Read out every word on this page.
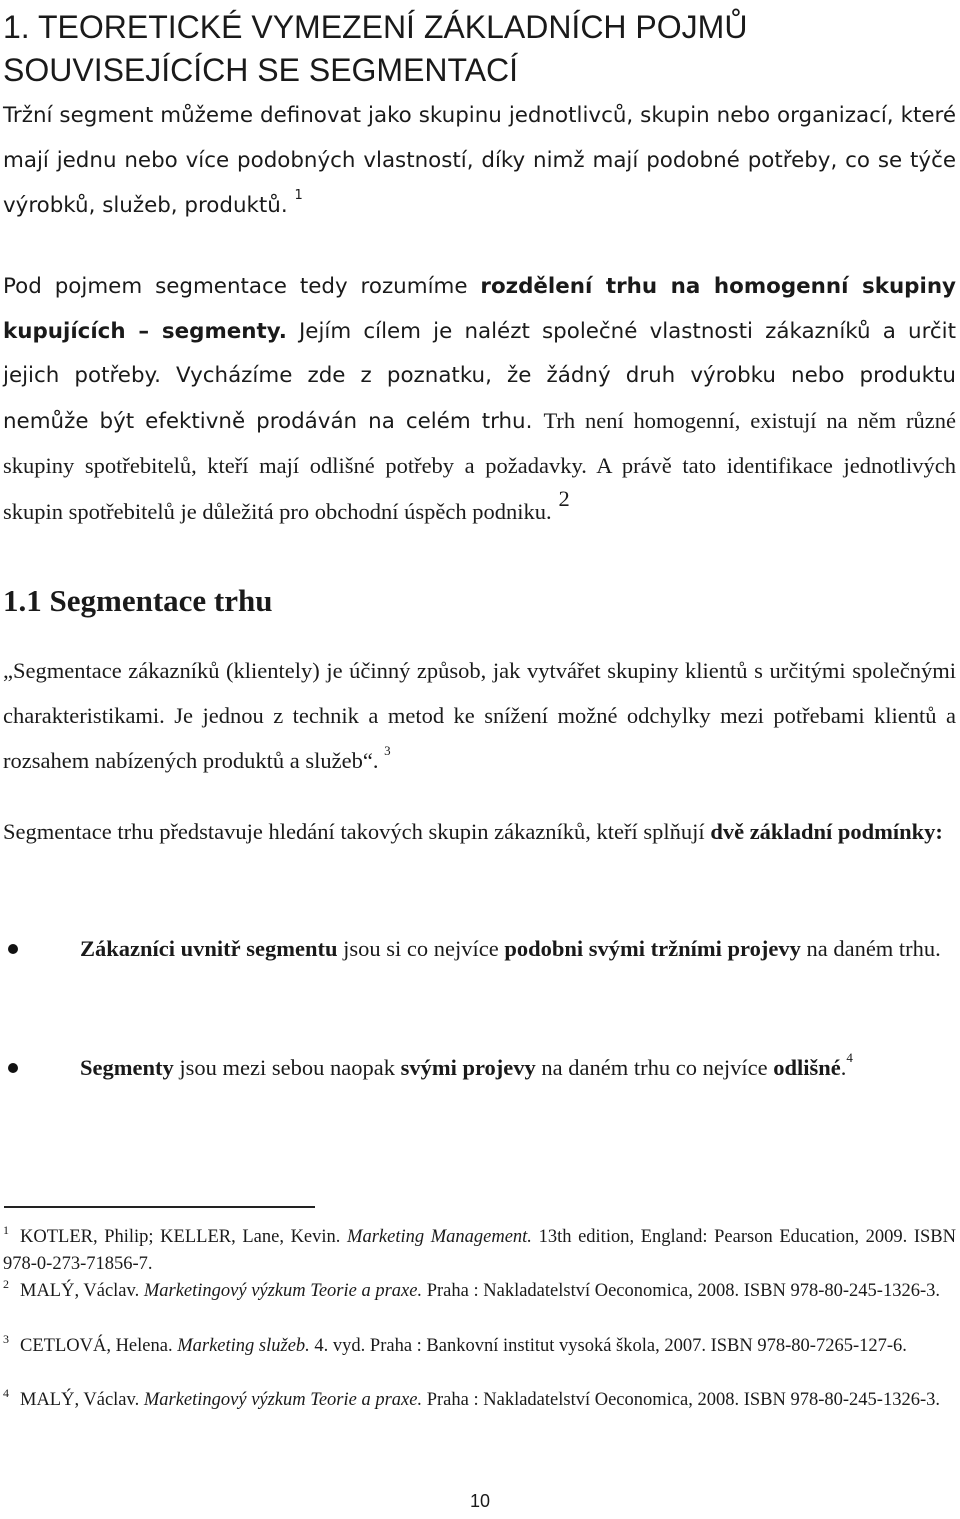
1. TEORETICKÉ VYMEZENÍ ZÁKLADNÍCH POJMŮ
SOUVISEJÍCÍCH SE SEGMENTACÍ

Tržní segment můžeme definovat jako skupinu jednotlivců, skupin nebo organizací, které mají jednu nebo více podobných vlastností, díky nimž mají podobné potřeby, co se týče výrobků, služeb, produktů. $^1$

Pod pojmem segmentace tedy rozumíme rozdělení trhu na homogenní skupiny kupujících – segmenty. Jejím cílem je nalézt společné vlastnosti zákazníků a určit jejich potřeby. Vycházíme zde z poznatku, že žádný druh výrobku nebo produktu nemůže být efektivně prodáván na celém trhu. Trh není homogenní, existují na něm různé skupiny spotřebitelů, kteří mají odlišné potřeby a požadavky. A právě tato identifikace jednotlivých skupin spotřebitelů je důležitá pro obchodní úspěch podniku. $^2$

1.1 Segmentace trhu

„Segmentace zákazníků (klientely) je účinný způsob, jak vytvářet skupiny klientů s určitými společnými charakteristikami. Je jednou z technik a metod ke snížení možné odchylky mezi potřebami klientů a rozsahem nabízených produktů a služeb“. $^3$

Segmentace trhu představuje hledání takových skupin zákazníků, kteří splňují dvě základní podmínky:

Zákazníci uvnitř segmentu jsou si co nejvíce podobni svými tržními projevy na daném trhu.

Segmenty jsou mezi sebou naopak svými projevy na daném trhu co nejvíce odlišné.$^4$

$^1$ KOTLER, Philip; KELLER, Lane, Kevin. Marketing Management. 13th edition, England: Pearson Education, 2009. ISBN 978-0-273-71856-7.

$^2$ MALÝ, Václav. Marketingový výzkum Teorie a praxe. Praha : Nakladatelství Oeconomica, 2008. ISBN 978-80-245-1326-3.

$^3$ CETLOVÁ, Helena. Marketing služeb. 4. vyd. Praha : Bankovní institut vysoká škola, 2007. ISBN 978-80-7265-127-6.

$^4$ MALÝ, Václav. Marketingový výzkum Teorie a praxe. Praha : Nakladatelství Oeconomica, 2008. ISBN 978-80-245-1326-3.

10
